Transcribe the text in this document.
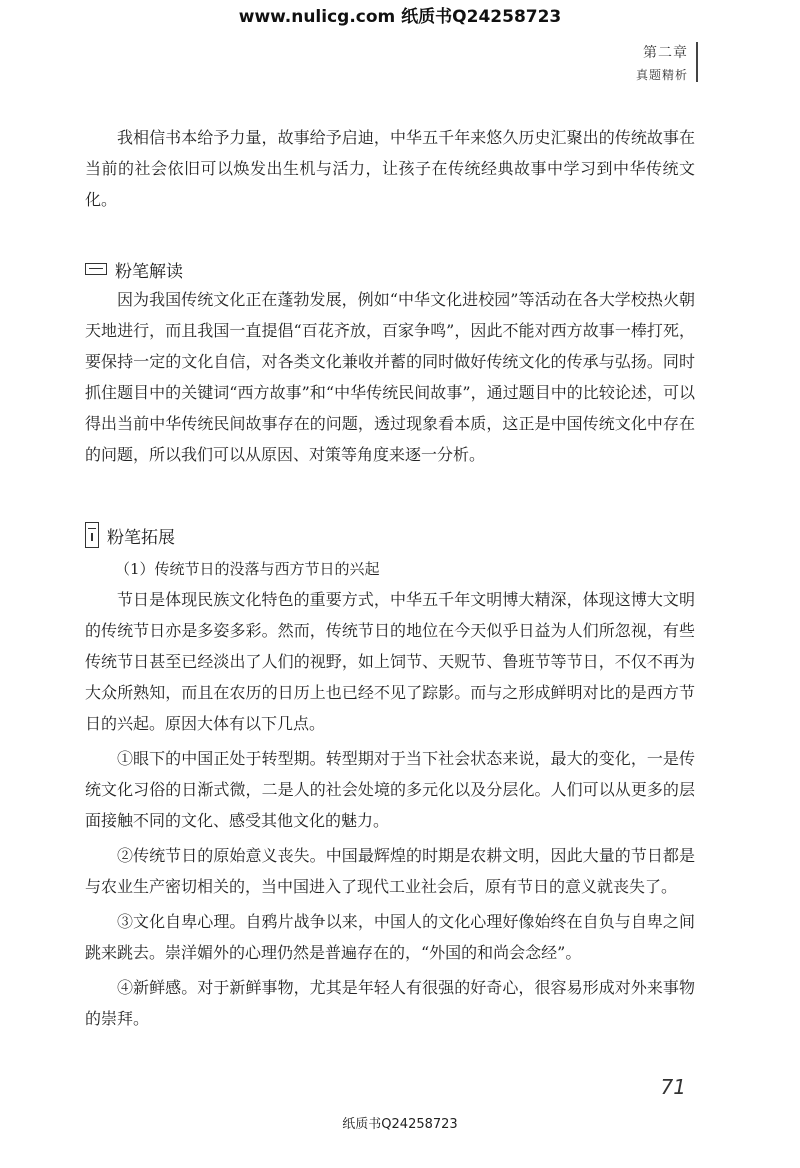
www.nulicg.com 纸质书Q24258723
第二章
真题精析

我相信书本给予力量，故事给予启迪，中华五千年来悠久历史汇聚出的传统故事在当前的社会依旧可以焕发出生机与活力，让孩子在传统经典故事中学习到中华传统文化。

粉笔解读

因为我国传统文化正在蓬勃发展，例如“中华文化进校园”等活动在各大学校热火朝天地进行，而且我国一直提倡“百花齐放，百家争鸣”，因此不能对西方故事一棒打死，要保持一定的文化自信，对各类文化兼收并蓄的同时做好传统文化的传承与弘扬。同时抓住题目中的关键词“西方故事”和“中华传统民间故事”，通过题目中的比较论述，可以得出当前中华传统民间故事存在的问题，透过现象看本质，这正是中国传统文化中存在的问题，所以我们可以从原因、对策等角度来逐一分析。

粉笔拓展

（1）传统节日的没落与西方节日的兴起

节日是体现民族文化特色的重要方式，中华五千年文明博大精深，体现这博大文明的传统节日亦是多姿多彩。然而，传统节日的地位在今天似乎日益为人们所忽视，有些传统节日甚至已经淡出了人们的视野，如上饲节、天贶节、鲁班节等节日，不仅不再为大众所熟知，而且在农历的日历上也已经不见了踪影。而与之形成鲜明对比的是西方节日的兴起。原因大体有以下几点。

①眼下的中国正处于转型期。转型期对于当下社会状态来说，最大的变化，一是传统文化习俗的日渐式微，二是人的社会处境的多元化以及分层化。人们可以从更多的层面接触不同的文化、感受其他文化的魅力。

②传统节日的原始意义丧失。中国最辉煌的时期是农耕文明，因此大量的节日都是与农业生产密切相关的，当中国进入了现代工业社会后，原有节日的意义就丧失了。

③文化自卑心理。自鸦片战争以来，中国人的文化心理好像始终在自负与自卑之间跳来跳去。崇洋媚外的心理仍然是普遍存在的，“外国的和尚会念经”。

④新鲜感。对于新鲜事物，尤其是年轻人有很强的好奇心，很容易形成对外来事物的崇拜。

71
纸质书Q24258723
